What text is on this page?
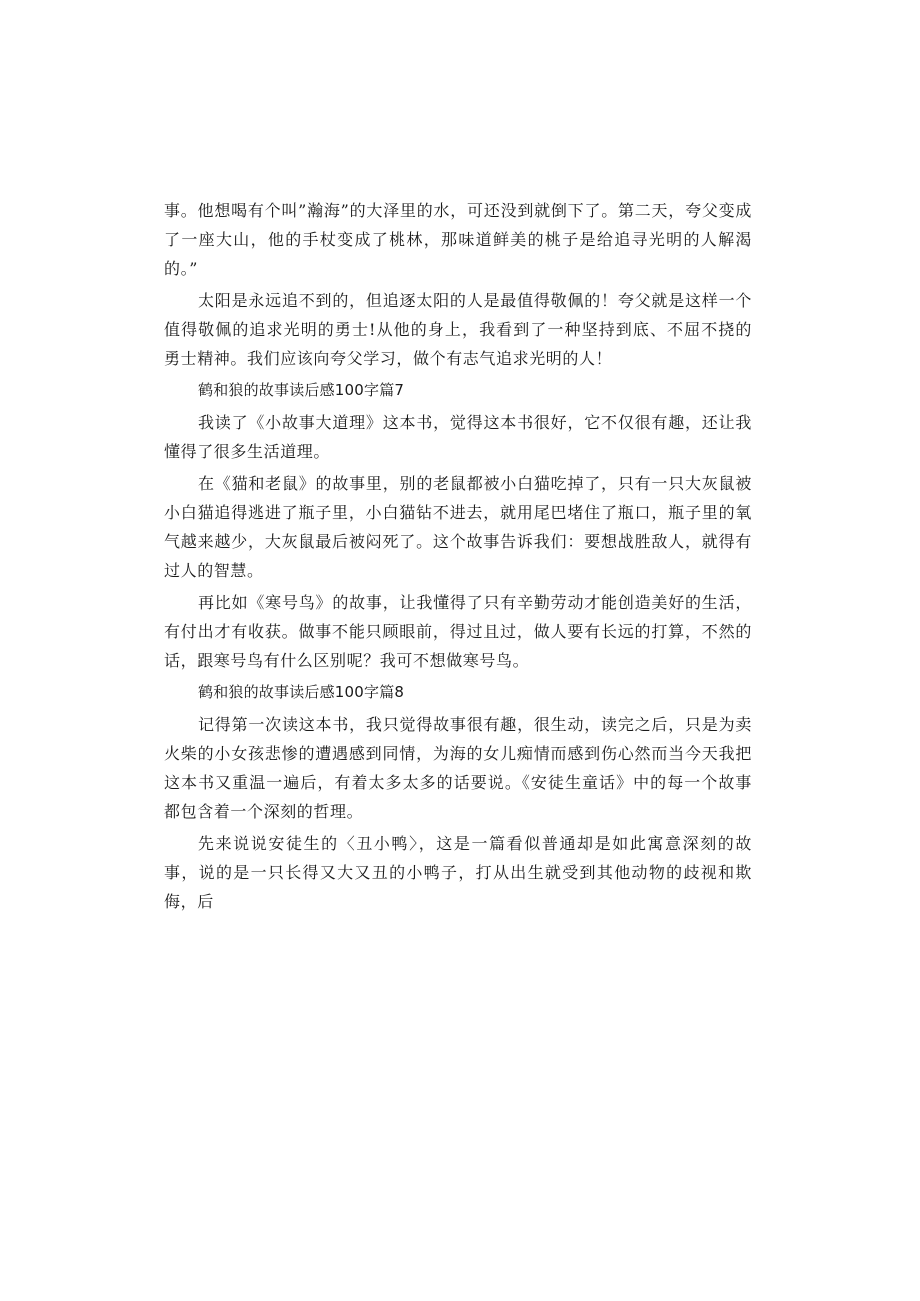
事。他想喝有个叫”瀚海”的大泽里的水，可还没到就倒下了。第二天，夸父变成了一座大山，他的手杖变成了桃林，那味道鲜美的桃子是给追寻光明的人解渴的。”

太阳是永远追不到的，但追逐太阳的人是最值得敬佩的！夸父就是这样一个值得敬佩的追求光明的勇士!从他的身上，我看到了一种坚持到底、不屈不挠的勇士精神。我们应该向夸父学习，做个有志气追求光明的人！

鹤和狼的故事读后感100字篇7

我读了《小故事大道理》这本书，觉得这本书很好，它不仅很有趣，还让我懂得了很多生活道理。

在《猫和老鼠》的故事里，别的老鼠都被小白猫吃掉了，只有一只大灰鼠被小白猫追得逃进了瓶子里，小白猫钻不进去，就用尾巴堵住了瓶口，瓶子里的氧气越来越少，大灰鼠最后被闷死了。这个故事告诉我们：要想战胜敌人，就得有过人的智慧。

再比如《寒号鸟》的故事，让我懂得了只有辛勤劳动才能创造美好的生活，有付出才有收获。做事不能只顾眼前，得过且过，做人要有长远的打算，不然的话，跟寒号鸟有什么区别呢？我可不想做寒号鸟。

鹤和狼的故事读后感100字篇8

记得第一次读这本书，我只觉得故事很有趣，很生动，读完之后，只是为卖火柴的小女孩悲惨的遭遇感到同情，为海的女儿痴情而感到伤心然而当今天我把这本书又重温一遍后，有着太多太多的话要说。《安徒生童话》中的每一个故事都包含着一个深刻的哲理。

先来说说安徒生的〈丑小鸭〉，这是一篇看似普通却是如此寓意深刻的故事，说的是一只长得又大又丑的小鸭子，打从出生就受到其他动物的歧视和欺侮，后
